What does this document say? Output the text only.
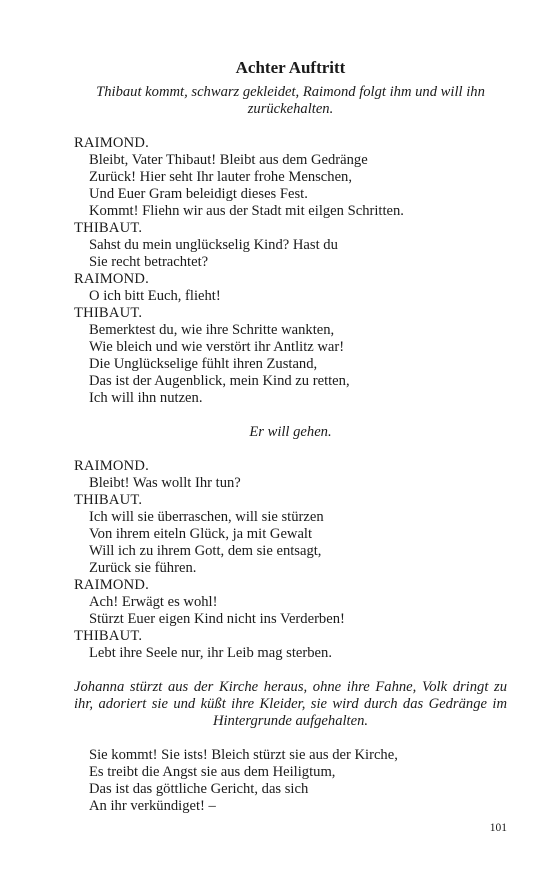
Achter Auftritt

Thibaut kommt, schwarz gekleidet, Raimond folgt ihm und will ihn zurückehalten.

RAIMOND.

Bleibt, Vater Thibaut! Bleibt aus dem Gedränge

Zurück! Hier seht Ihr lauter frohe Menschen,

Und Euer Gram beleidigt dieses Fest.

Kommt! Fliehn wir aus der Stadt mit eilgen Schritten.

THIBAUT.

Sahst du mein unglückselig Kind? Hast du

Sie recht betrachtet?

RAIMOND.

O ich bitt Euch, flieht!

THIBAUT.

Bemerktest du, wie ihre Schritte wankten,

Wie bleich und wie verstört ihr Antlitz war!

Die Unglückselige fühlt ihren Zustand,

Das ist der Augenblick, mein Kind zu retten,

Ich will ihn nutzen.

Er will gehen.

RAIMOND.

Bleibt! Was wollt Ihr tun?

THIBAUT.

Ich will sie überraschen, will sie stürzen

Von ihrem eiteln Glück, ja mit Gewalt

Will ich zu ihrem Gott, dem sie entsagt,

Zurück sie führen.

RAIMOND.

Ach! Erwägt es wohl!

Stürzt Euer eigen Kind nicht ins Verderben!

THIBAUT.

Lebt ihre Seele nur, ihr Leib mag sterben.

Johanna stürzt aus der Kirche heraus, ohne ihre Fahne, Volk dringt zu ihr, adoriert sie und küßt ihre Kleider, sie wird durch das Gedränge im Hintergrunde aufgehalten.

Sie kommt! Sie ists! Bleich stürzt sie aus der Kirche,

Es treibt die Angst sie aus dem Heiligtum,

Das ist das göttliche Gericht, das sich

An ihr verkündiget! –

101
